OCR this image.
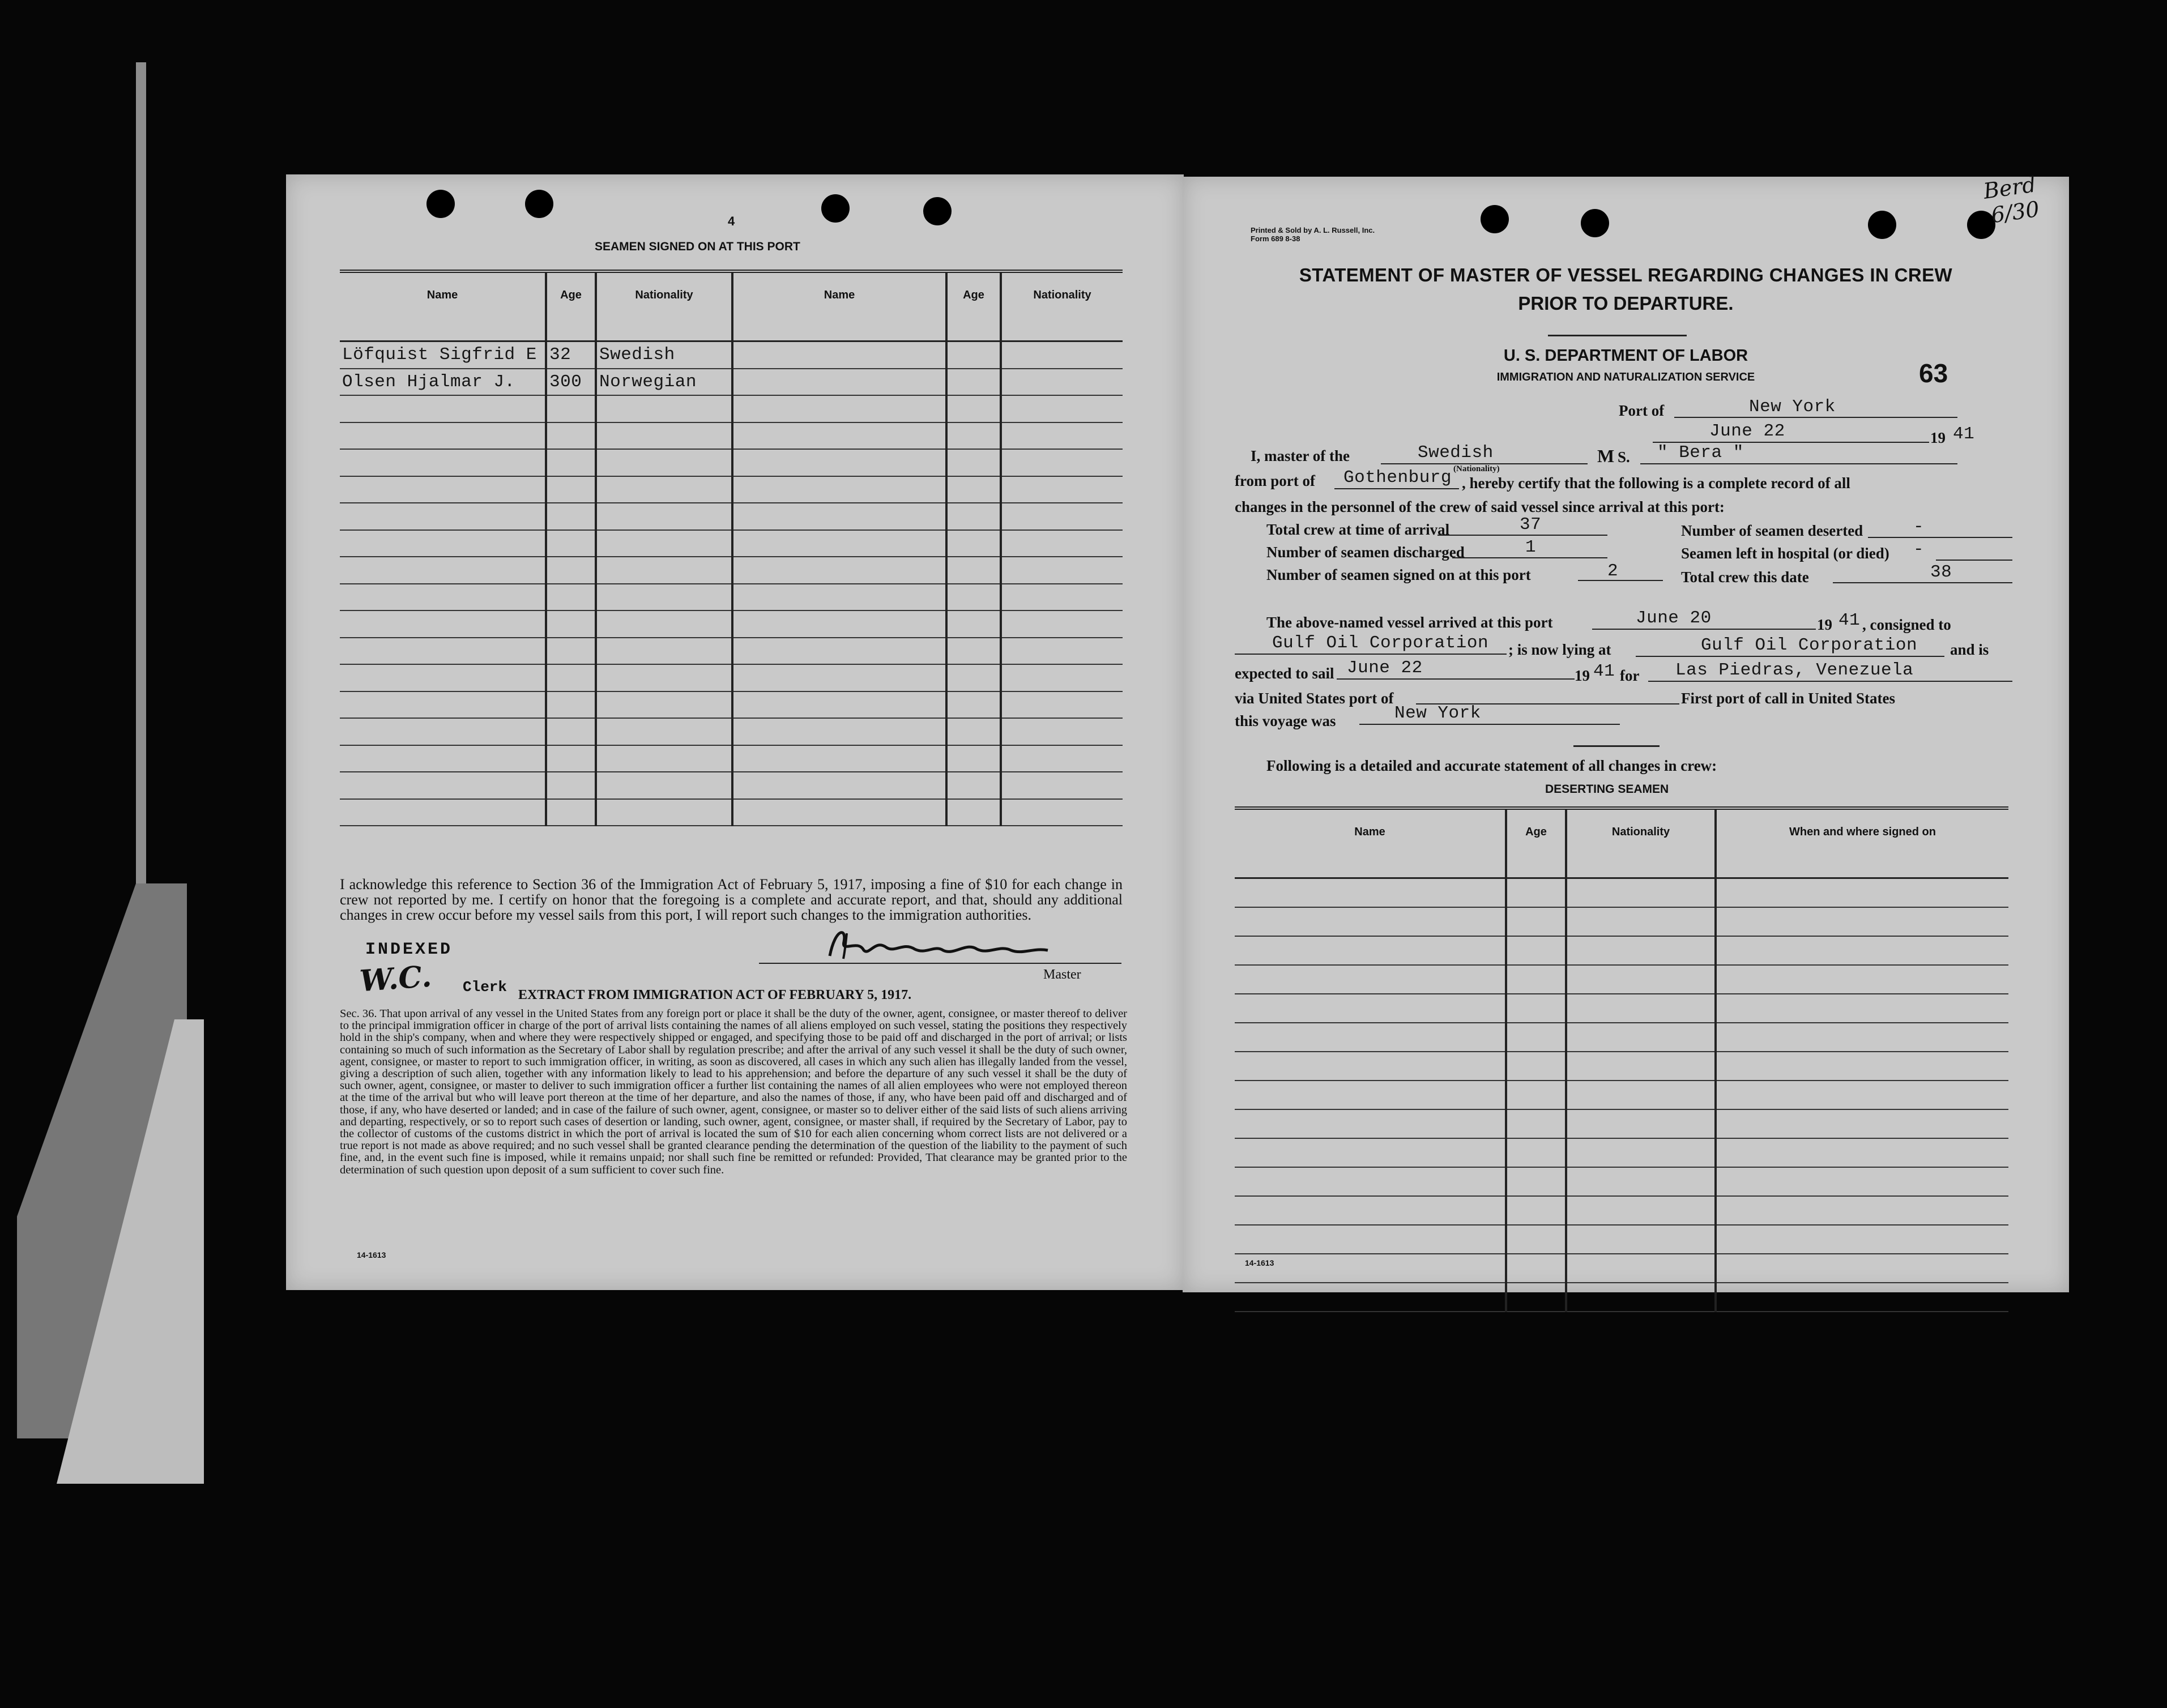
4
SEAMEN SIGNED ON AT THIS PORT
Name	Age	Nationality	Name	Age	Nationality
Löfquist Sigfrid E	32	Swedish			
Olsen Hjalmar J.	300	Norwegian			

I acknowledge this reference to Section 36 of the Immigration Act of February 5, 1917, imposing a fine of $10 for each change in crew not reported by me. I certify on honor that the foregoing is a complete and accurate report, and that, should any additional changes in crew occur before my vessel sails from this port, I will report such changes to the immigration authorities.
INDEXED
W.C. Clerk
Master
EXTRACT FROM IMMIGRATION ACT OF FEBRUARY 5, 1917.
Sec. 36. That upon arrival of any vessel in the United States from any foreign port or place it shall be the duty of the owner, agent, consignee, or master thereof to deliver to the principal immigration officer in charge of the port of arrival lists containing the names of all aliens employed on such vessel, stating the positions they respectively hold in the ship's company, when and where they were respectively shipped or engaged, and specifying those to be paid off and discharged in the port of arrival; or lists containing so much of such information as the Secretary of Labor shall by regulation prescribe; and after the arrival of any such vessel it shall be the duty of such owner, agent, consignee, or master to report to such immigration officer, in writing, as soon as discovered, all cases in which any such alien has illegally landed from the vessel, giving a description of such alien, together with any information likely to lead to his apprehension; and before the departure of any such vessel it shall be the duty of such owner, agent, consignee, or master to deliver to such immigration officer a further list containing the names of all alien employees who were not employed thereon at the time of the arrival but who will leave port thereon at the time of her departure, and also the names of those, if any, who have been paid off and discharged and of those, if any, who have deserted or landed; and in case of the failure of such owner, agent, consignee, or master so to deliver either of the said lists of such aliens arriving and departing, respectively, or so to report such cases of desertion or landing, such owner, agent, consignee, or master shall, if required by the Secretary of Labor, pay to the collector of customs of the customs district in which the port of arrival is located the sum of $10 for each alien concerning whom correct lists are not delivered or a true report is not made as above required; and no such vessel shall be granted clearance pending the determination of the question of the liability to the payment of such fine, and, in the event such fine is imposed, while it remains unpaid; nor shall such fine be remitted or refunded: Provided, That clearance may be granted prior to the determination of such question upon deposit of a sum sufficient to cover such fine.
14-1613
Printed & Sold by A. L. Russell, Inc.
Form 689 8-38
Berd 6/30
STATEMENT OF MASTER OF VESSEL REGARDING CHANGES IN CREW
PRIOR TO DEPARTURE.
U. S. DEPARTMENT OF LABOR
IMMIGRATION AND NATURALIZATION SERVICE	63
Port of	New York
June 22	19 41
I, master of the	Swedish	M S. " Bera "
(Nationality)
from port of Gothenburg , hereby certify that the following is a complete record of all
changes in the personnel of the crew of said vessel since arrival at this port:
Total crew at time of arrival	37	Number of seamen deserted	-
Number of seamen discharged	1	Seamen left in hospital (or died) -
Number of seamen signed on at this port	2	Total crew this date	38
The above-named vessel arrived at this port	June 20	19 41 , consigned to
Gulf Oil Corporation ; is now lying at	Gulf Oil Corporation and is
expected to sail June 22	19 41 for Las Piedras, Venezuela
via United States port of	First port of call in United States
this voyage was	New York
Following is a detailed and accurate statement of all changes in crew:
DESERTING SEAMEN
Name	Age	Nationality	When and where signed on

14-1613
